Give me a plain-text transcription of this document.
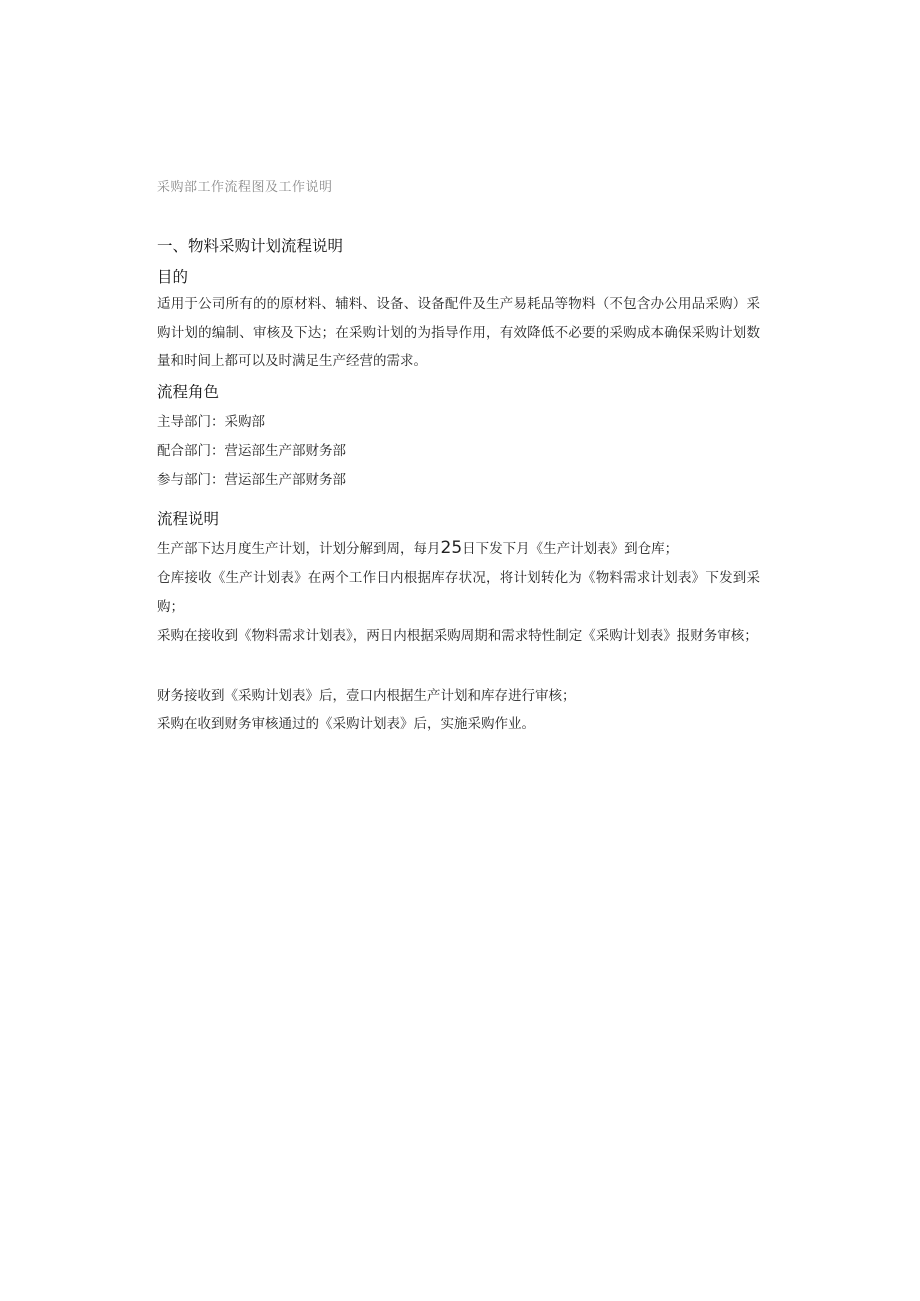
采购部工作流程图及工作说明
一、物料采购计划流程说明
目的
适用于公司所有的的原材料、辅料、设备、设备配件及生产易耗品等物料（不包含办公用品采购）采购计划的编制、审核及下达；在采购计划的为指导作用，有效降低不必要的采购成本确保采购计划数量和时间上都可以及时满足生产经营的需求。
流程角色
主导部门：采购部
配合部门：营运部生产部财务部
参与部门：营运部生产部财务部
流程说明
生产部下达月度生产计划，计划分解到周，每月25日下发下月《生产计划表》到仓库；
仓库接收《生产计划表》在两个工作日内根据库存状况，将计划转化为《物料需求计划表》下发到采购；
采购在接收到《物料需求计划表》，两日内根据采购周期和需求特性制定《采购计划表》报财务审核；
财务接收到《采购计划表》后，壹口内根据生产计划和库存进行审核；
采购在收到财务审核通过的《采购计划表》后，实施采购作业。
